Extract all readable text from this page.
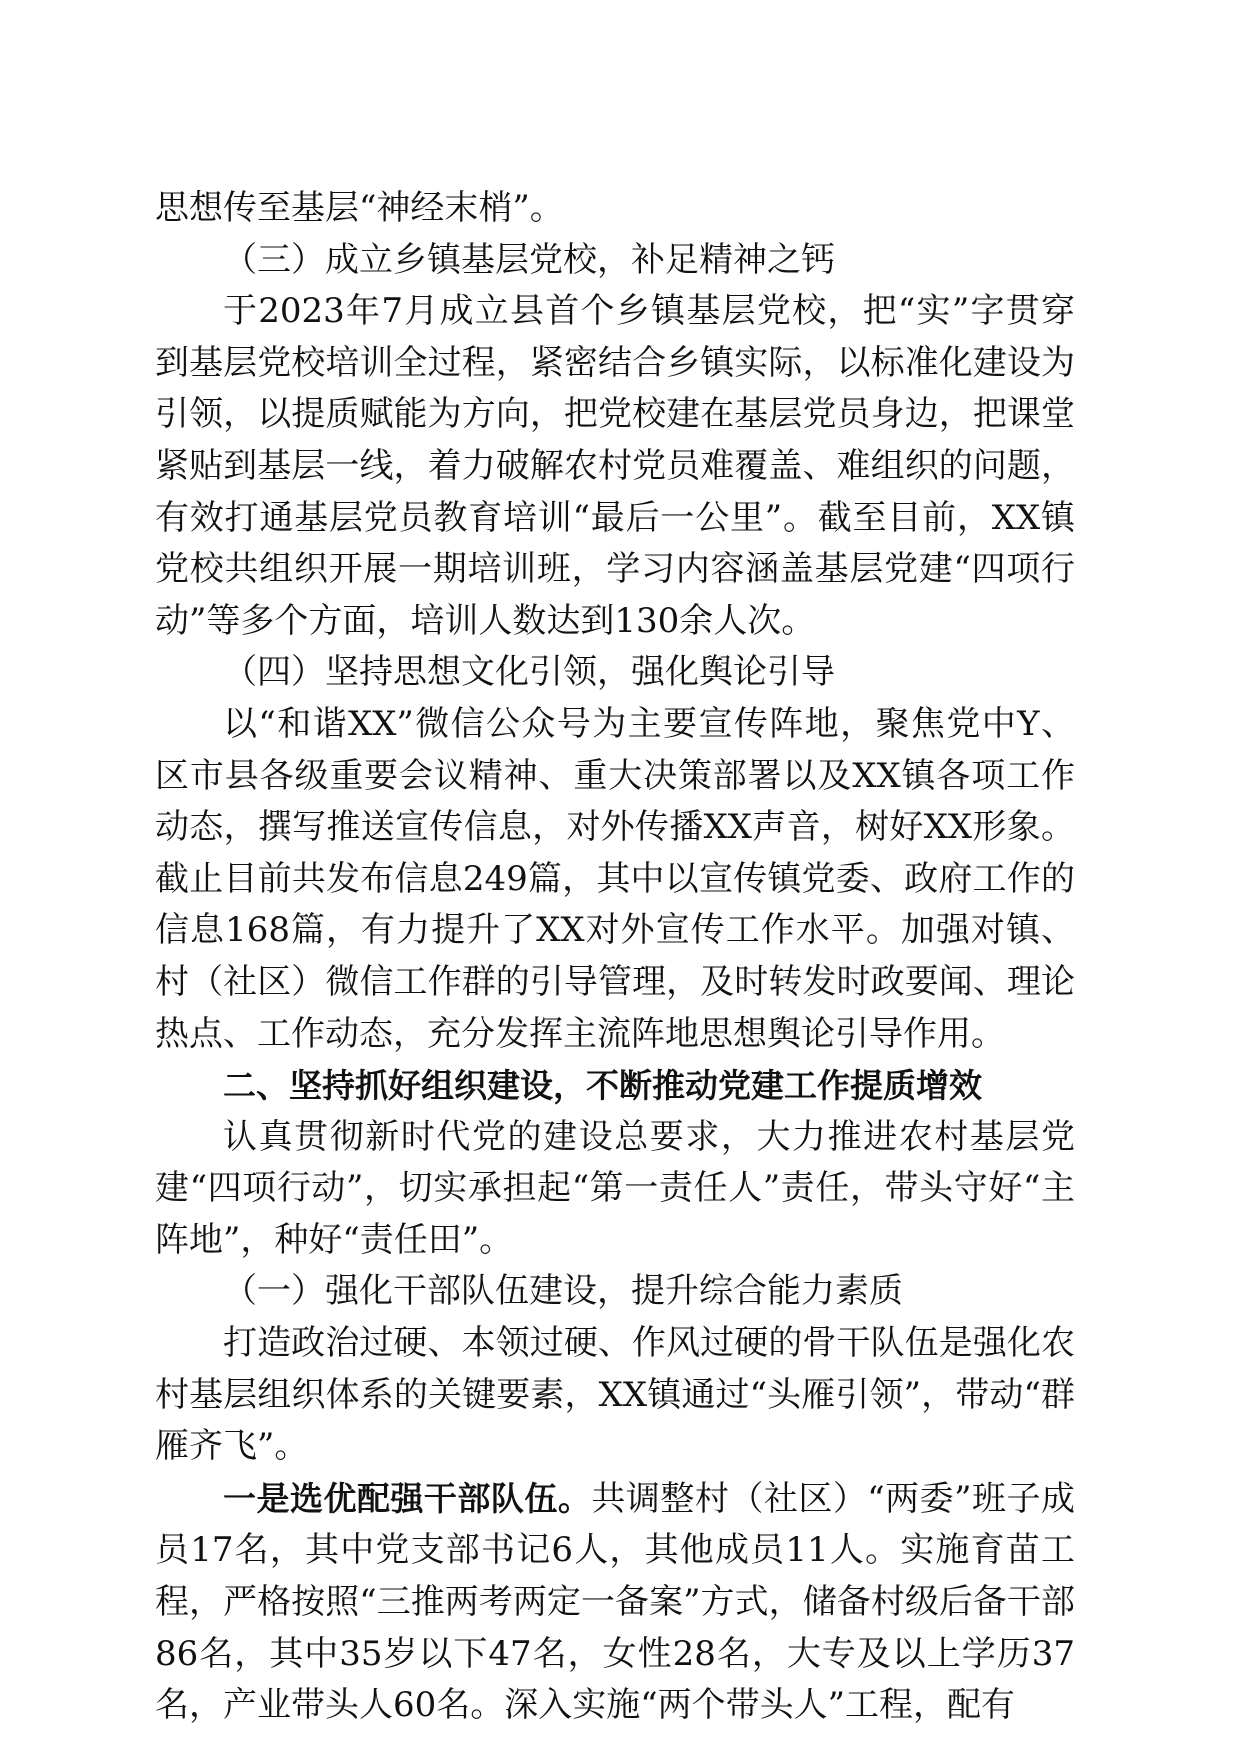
思想传至基层“神经末梢”。

（三）成立乡镇基层党校，补足精神之钙

于2023年7月成立县首个乡镇基层党校，把“实”字贯穿到基层党校培训全过程，紧密结合乡镇实际，以标准化建设为引领，以提质赋能为方向，把党校建在基层党员身边，把课堂紧贴到基层一线，着力破解农村党员难覆盖、难组织的问题，有效打通基层党员教育培训“最后一公里”。截至目前，XX镇党校共组织开展一期培训班，学习内容涵盖基层党建“四项行动”等多个方面，培训人数达到130余人次。

（四）坚持思想文化引领，强化舆论引导

以“和谐XX”微信公众号为主要宣传阵地，聚焦党中Y、区市县各级重要会议精神、重大决策部署以及XX镇各项工作动态，撰写推送宣传信息，对外传播XX声音，树好XX形象。截止目前共发布信息249篇，其中以宣传镇党委、政府工作的信息168篇，有力提升了XX对外宣传工作水平。加强对镇、村（社区）微信工作群的引导管理，及时转发时政要闻、理论热点、工作动态，充分发挥主流阵地思想舆论引导作用。

二、坚持抓好组织建设，不断推动党建工作提质增效

认真贯彻新时代党的建设总要求，大力推进农村基层党建“四项行动”，切实承担起“第一责任人”责任，带头守好“主阵地”，种好“责任田”。

（一）强化干部队伍建设，提升综合能力素质

打造政治过硬、本领过硬、作风过硬的骨干队伍是强化农村基层组织体系的关键要素，XX镇通过“头雁引领”，带动“群雁齐飞”。

一是选优配强干部队伍。共调整村（社区）“两委”班子成员17名，其中党支部书记6人，其他成员11人。实施育苗工程，严格按照“三推两考两定一备案”方式，储备村级后备干部86名，其中35岁以下47名，女性28名，大专及以上学历37名，产业带头人60名。深入实施“两个带头人”工程，配有
